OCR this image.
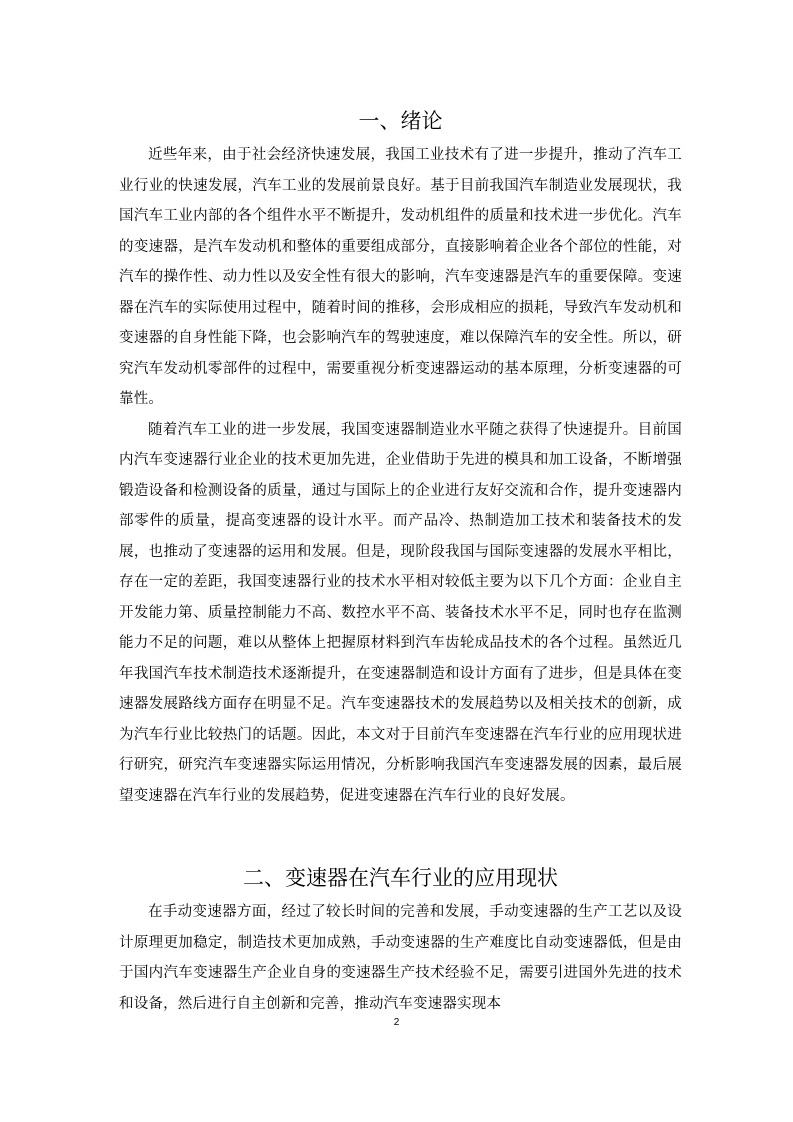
一、绪论

近些年来，由于社会经济快速发展，我国工业技术有了进一步提升，推动了汽车工业行业的快速发展，汽车工业的发展前景良好。基于目前我国汽车制造业发展现状，我国汽车工业内部的各个组件水平不断提升，发动机组件的质量和技术进一步优化。汽车的变速器，是汽车发动机和整体的重要组成部分，直接影响着企业各个部位的性能，对汽车的操作性、动力性以及安全性有很大的影响，汽车变速器是汽车的重要保障。变速器在汽车的实际使用过程中，随着时间的推移，会形成相应的损耗，导致汽车发动机和变速器的自身性能下降，也会影响汽车的驾驶速度，难以保障汽车的安全性。所以，研究汽车发动机零部件的过程中，需要重视分析变速器运动的基本原理，分析变速器的可靠性。

随着汽车工业的进一步发展，我国变速器制造业水平随之获得了快速提升。目前国内汽车变速器行业企业的技术更加先进，企业借助于先进的模具和加工设备，不断增强锻造设备和检测设备的质量，通过与国际上的企业进行友好交流和合作，提升变速器内部零件的质量，提高变速器的设计水平。而产品冷、热制造加工技术和装备技术的发展，也推动了变速器的运用和发展。但是，现阶段我国与国际变速器的发展水平相比，存在一定的差距，我国变速器行业的技术水平相对较低主要为以下几个方面：企业自主开发能力第、质量控制能力不高、数控水平不高、装备技术水平不足，同时也存在监测能力不足的问题，难以从整体上把握原材料到汽车齿轮成品技术的各个过程。虽然近几年我国汽车技术制造技术逐渐提升，在变速器制造和设计方面有了进步，但是具体在变速器发展路线方面存在明显不足。汽车变速器技术的发展趋势以及相关技术的创新，成为汽车行业比较热门的话题。因此，本文对于目前汽车变速器在汽车行业的应用现状进行研究，研究汽车变速器实际运用情况，分析影响我国汽车变速器发展的因素，最后展望变速器在汽车行业的发展趋势，促进变速器在汽车行业的良好发展。

二、变速器在汽车行业的应用现状

在手动变速器方面，经过了较长时间的完善和发展，手动变速器的生产工艺以及设计原理更加稳定，制造技术更加成熟，手动变速器的生产难度比自动变速器低，但是由于国内汽车变速器生产企业自身的变速器生产技术经验不足，需要引进国外先进的技术和设备，然后进行自主创新和完善，推动汽车变速器实现本

2
